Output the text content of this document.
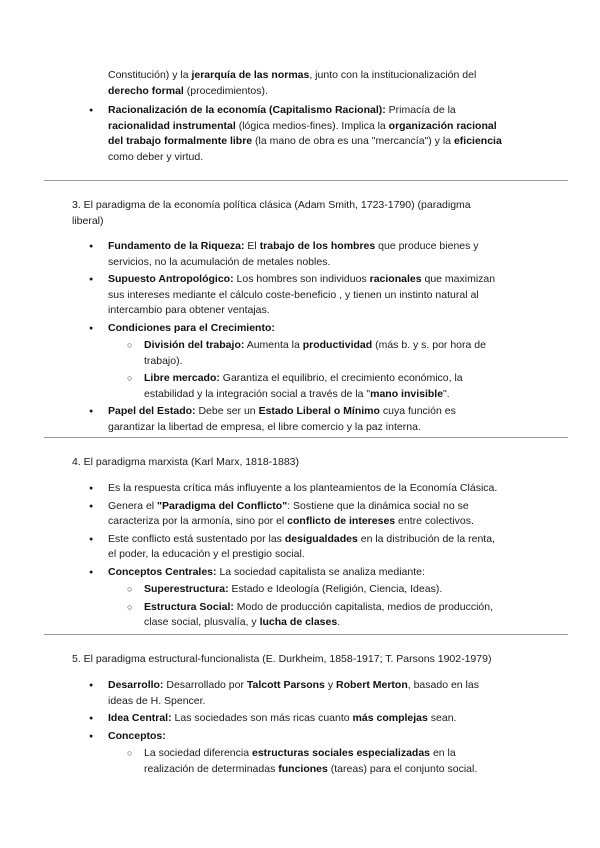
Constitución) y la jerarquía de las normas, junto con la institucionalización del
derecho formal (procedimientos).

● Racionalización de la economía (Capitalismo Racional): Primacía de la
racionalidad instrumental (lógica medios-fines). Implica la organización racional
del trabajo formalmente libre (la mano de obra es una "mercancía") y la eficiencia
como deber y virtud.

3. El paradigma de la economía política clásica (Adam Smith, 1723-1790) (paradigma
liberal)

● Fundamento de la Riqueza: El trabajo de los hombres que produce bienes y
servicios, no la acumulación de metales nobles.

● Supuesto Antropológico: Los hombres son individuos racionales que maximizan
sus intereses mediante el cálculo coste-beneficio , y tienen un instinto natural al
intercambio para obtener ventajas.

● Condiciones para el Crecimiento:

○ División del trabajo: Aumenta la productividad (más b. y s. por hora de
trabajo).

○ Libre mercado: Garantiza el equilibrio, el crecimiento económico, la
estabilidad y la integración social a través de la "mano invisible".

● Papel del Estado: Debe ser un Estado Liberal o Mínimo cuya función es
garantizar la libertad de empresa, el libre comercio y la paz interna.

4. El paradigma marxista (Karl Marx, 1818-1883)

● Es la respuesta crítica más influyente a los planteamientos de la Economía Clásica.

● Genera el "Paradigma del Conflicto": Sostiene que la dinámica social no se
caracteriza por la armonía, sino por el conflicto de intereses entre colectivos.

● Este conflicto está sustentado por las desigualdades en la distribución de la renta,
el poder, la educación y el prestigio social.

● Conceptos Centrales: La sociedad capitalista se analiza mediante:

○ Superestructura: Estado e Ideología (Religión, Ciencia, Ideas).

○ Estructura Social: Modo de producción capitalista, medios de producción,
clase social, plusvalía, y lucha de clases.

5. El paradigma estructural-funcionalista (E. Durkheim, 1858-1917; T. Parsons 1902-1979)

● Desarrollo: Desarrollado por Talcott Parsons y Robert Merton, basado en las
ideas de H. Spencer.

● Idea Central: Las sociedades son más ricas cuanto más complejas sean.

● Conceptos:

○ La sociedad diferencia estructuras sociales especializadas en la
realización de determinadas funciones (tareas) para el conjunto social.
